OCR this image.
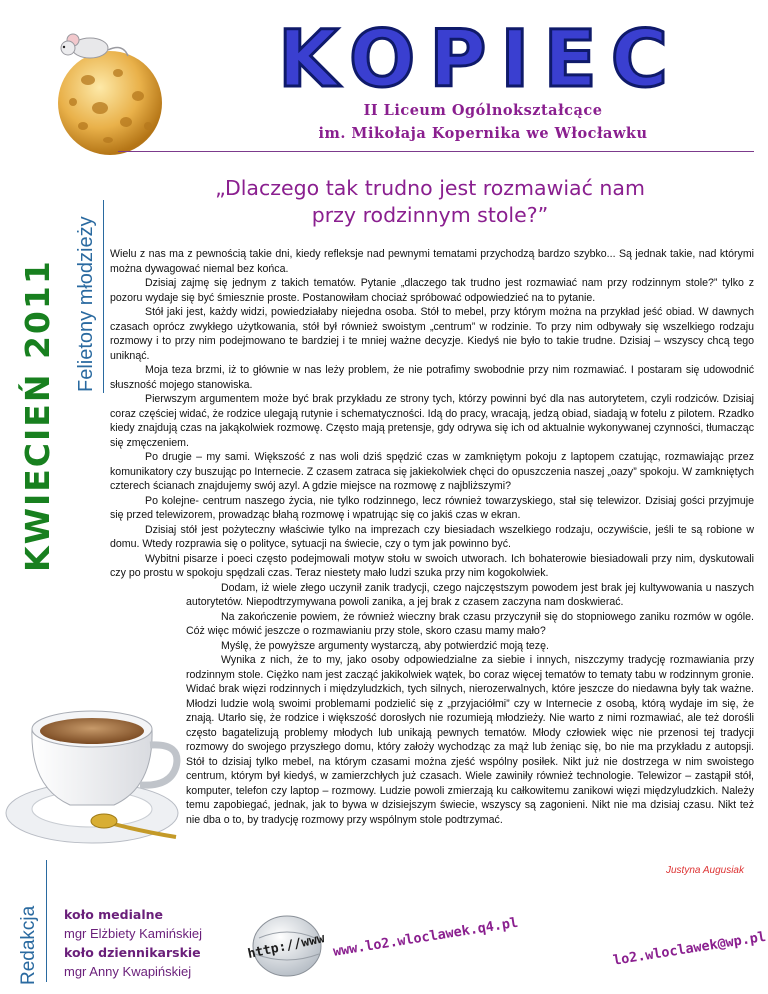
KOPIEC
II Liceum Ogólnokształcące
im. Mikołaja Kopernika we Włocławku
KWIECIEŃ 2011 Felietony młodzieży
„Dlaczego tak trudno jest rozmawiać nam
przy rodzinnym stole?”

Wielu z nas ma z pewnością takie dni, kiedy refleksje nad pewnymi tematami przychodzą bardzo szybko... Są jednak takie, nad którymi można dywagować niemal bez końca.

Dzisiaj zajmę się jednym z takich tematów. Pytanie „dlaczego tak trudno jest rozmawiać nam przy rodzinnym stole?” tylko z pozoru wydaje się być śmiesznie proste. Postanowiłam chociaż spróbować odpowiedzieć na to pytanie.

Stół jaki jest, każdy widzi, powiedziałaby niejedna osoba. Stół to mebel, przy którym można na przykład jeść obiad. W dawnych czasach oprócz zwykłego użytkowania, stół był również swoistym „centrum” w rodzinie. To przy nim odbywały się wszelkiego rodzaju rozmowy i to przy nim podejmowano te bardziej i te mniej ważne decyzje. Kiedyś nie było to takie trudne. Dzisiaj – wszyscy chcą tego uniknąć.

Moja teza brzmi, iż to głównie w nas leży problem, że nie potrafimy swobodnie przy nim rozmawiać. I postaram się udowodnić słuszność mojego stanowiska.

Pierwszym argumentem może być brak przykładu ze strony tych, którzy powinni być dla nas autorytetem, czyli rodziców. Dzisiaj coraz częściej widać, że rodzice ulegają rutynie i schematyczności. Idą do pracy, wracają, jedzą obiad, siadają w fotelu z pilotem. Rzadko kiedy znajdują czas na jakąkolwiek rozmowę. Często mają pretensje, gdy odrywa się ich od aktualnie wykonywanej czynności, tłumacząc się zmęczeniem.

Po drugie – my sami. Większość z nas woli dziś spędzić czas w zamkniętym pokoju z laptopem czatując, rozmawiając przez komunikatory czy buszując po Internecie. Z czasem zatraca się jakiekolwiek chęci do opuszczenia naszej „oazy” spokoju. W zamkniętych czterech ścianach znajdujemy swój azyl. A gdzie miejsce na rozmowę z najbliższymi?

Po kolejne- centrum naszego życia, nie tylko rodzinnego, lecz również towarzyskiego, stał się telewizor. Dzisiaj gości przyjmuje się przed telewizorem, prowadząc błahą rozmowę i wpatrując się co jakiś czas w ekran.

Dzisiaj stół jest pożyteczny właściwie tylko na imprezach czy biesiadach wszelkiego rodzaju, oczywiście, jeśli te są robione w domu. Wtedy rozprawia się o polityce, sytuacji na świecie, czy o tym jak powinno być.

Wybitni pisarze i poeci często podejmowali motyw stołu w swoich utworach. Ich bohaterowie biesiadowali przy nim, dyskutowali czy po prostu w spokoju spędzali czas. Teraz niestety mało ludzi szuka przy nim kogokolwiek.

Dodam, iż wiele złego uczynił zanik tradycji, czego najczęstszym powodem jest brak jej kultywowania u naszych autorytetów. Niepodtrzymywana powoli zanika, a jej brak z czasem zaczyna nam doskwierać.

Na zakończenie powiem, że również wieczny brak czasu przyczynił się do stopniowego zaniku rozmów w ogóle. Cóż więc mówić jeszcze o rozmawianiu przy stole, skoro czasu mamy mało?

Myślę, że powyższe argumenty wystarczą, aby potwierdzić moją tezę.

Wynika z nich, że to my, jako osoby odpowiedzialne za siebie i innych, niszczymy tradycję rozmawiania przy rodzinnym stole. Ciężko nam jest zacząć jakikolwiek wątek, bo coraz więcej tematów to tematy tabu w rodzinnym gronie. Widać brak więzi rodzinnych i międzyludzkich, tych silnych, nierozerwalnych, które jeszcze do niedawna były tak ważne. Młodzi ludzie wolą swoimi problemami podzielić się z „przyjaciółmi” czy w Internecie z osobą, którą wydaje im się, że znają. Utarło się, że rodzice i większość dorosłych nie rozumieją młodzieży. Nie warto z nimi rozmawiać, ale też dorośli często bagatelizują problemy młodych lub unikają pewnych tematów. Młody człowiek więc nie przenosi tej tradycji rozmowy do swojego przyszłego domu, który założy wychodząc za mąż lub żeniąc się, bo nie ma przykładu z autopsji. Stół to dzisiaj tylko mebel, na którym czasami można zjeść wspólny posiłek. Nikt już nie dostrzega w nim swoistego centrum, którym był kiedyś, w zamierzchłych już czasach. Wiele zawiniły również technologie. Telewizor – zastąpił stół, komputer, telefon czy laptop – rozmowy. Ludzie powoli zmierzają ku całkowitemu zanikowi więzi międzyludzkich. Należy temu zapobiegać, jednak, jak to bywa w dzisiejszym świecie, wszyscy są zagonieni. Nikt nie ma dzisiaj czasu. Nikt też nie dba o to, by tradycję rozmowy przy wspólnym stole podtrzymać.

Justyna Augusiak
Redakcja koło medialne
mgr Elżbiety Kamińskiej
koło dziennikarskie
mgr Anny Kwapińskiej
http://www www.lo2.wloclawek.q4.pl	lo2.wloclawek@wp.pl
